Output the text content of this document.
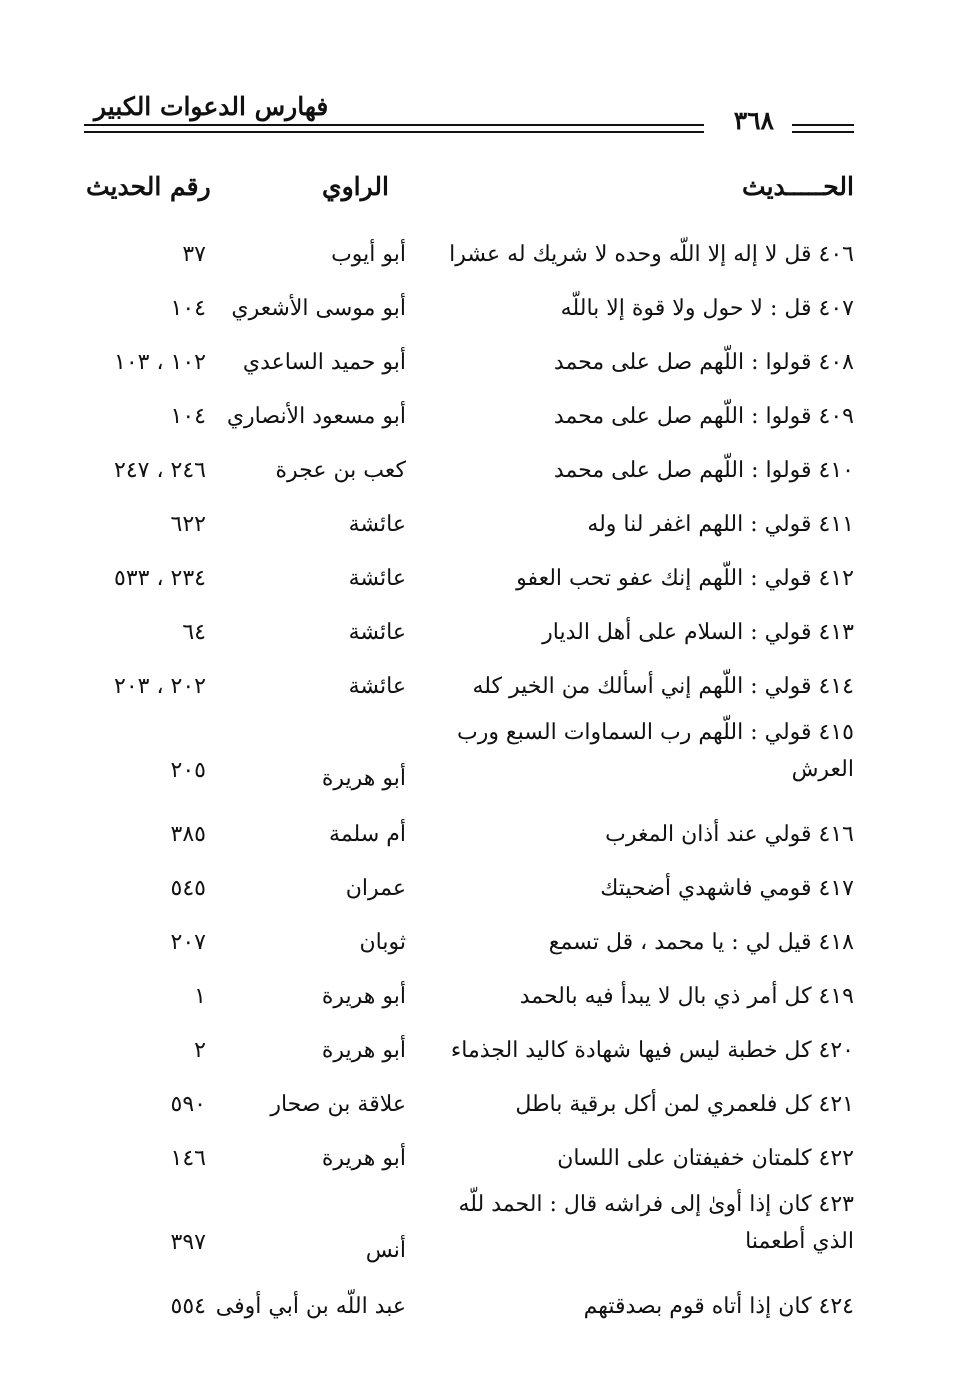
فهارس الدعوات الكبير	٣٦٨
الحـــــديث
الراوي
رقم الحديث
٤٠٦ قل لا إله إلا اللّه وحده لا شريك له عشرا
أبو أيوب
٣٧
٤٠٧ قل : لا حول ولا قوة إلا باللّه
أبو موسى الأشعري
١٠٤
٤٠٨ قولوا : اللّهم صل على محمد
أبو حميد الساعدي
١٠٢ ، ١٠٣
٤٠٩ قولوا : اللّهم صل على محمد
أبو مسعود الأنصاري
١٠٤
٤١٠ قولوا : اللّهم صل على محمد
كعب بن عجرة
٢٤٦ ، ٢٤٧
٤١١ قولي : اللهم اغفر لنا وله
عائشة
٦٢٢
٤١٢ قولي : اللّهم إنك عفو تحب العفو
عائشة
٢٣٤ ، ٥٣٣
٤١٣ قولي : السلام على أهل الديار
عائشة
٦٤
٤١٤ قولي : اللّهم إني أسألك من الخير كله
عائشة
٢٠٢ ، ٢٠٣
٤١٥ قولي : اللّهم رب السماوات السبع ورب العرش
أبو هريرة
٢٠٥
٤١٦ قولي عند أذان المغرب
أم سلمة
٣٨٥
٤١٧ قومي فاشهدي أضحيتك
عمران
٥٤٥
٤١٨ قيل لي : يا محمد ، قل تسمع
ثوبان
٢٠٧
٤١٩ كل أمر ذي بال لا يبدأ فيه بالحمد
أبو هريرة
١
٤٢٠ كل خطبة ليس فيها شهادة كاليد الجذماء
أبو هريرة
٢
٤٢١ كل فلعمري لمن أكل برقية باطل
علاقة بن صحار
٥٩٠
٤٢٢ كلمتان خفيفتان على اللسان
أبو هريرة
١٤٦
٤٢٣ كان إذا أوىٰ إلى فراشه قال : الحمد للّه الذي أطعمنا
أنس
٣٩٧
٤٢٤ كان إذا أتاه قوم بصدقتهم
عبد اللّه بن أبي أوفى
٥٥٤
